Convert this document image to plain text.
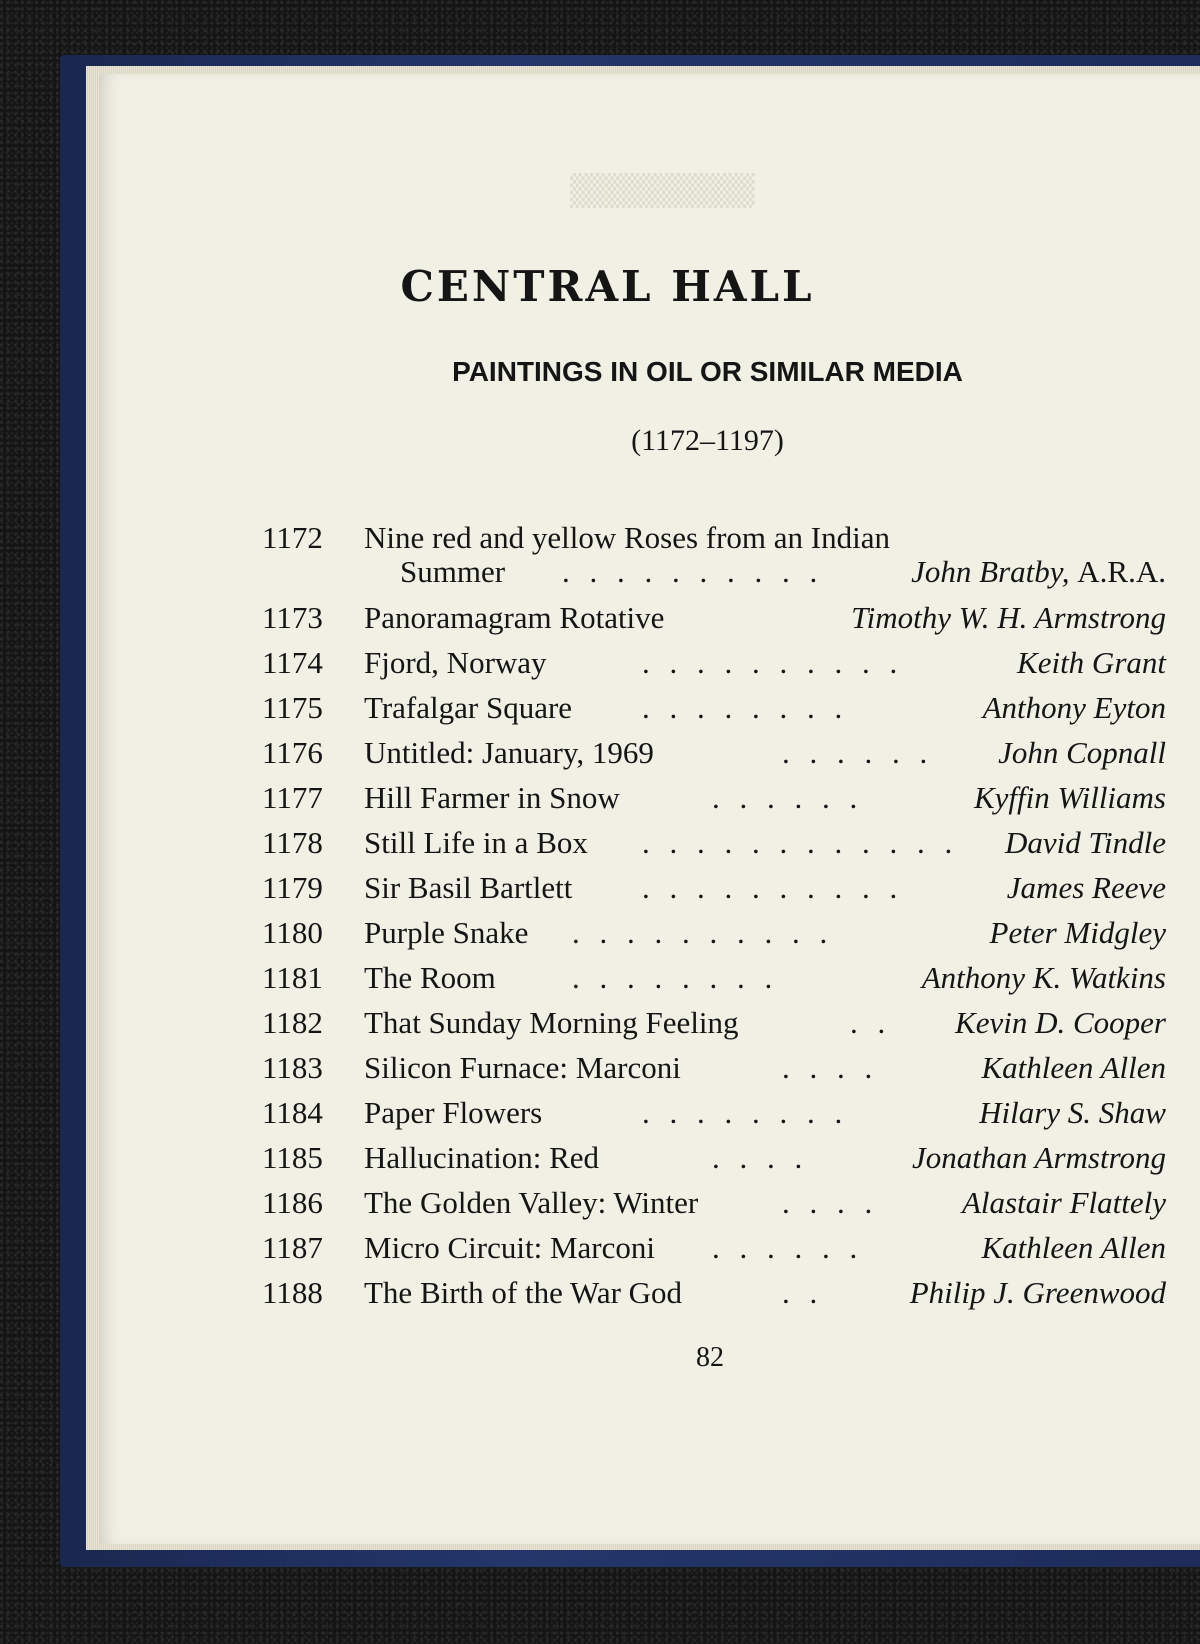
▒▒▒▒▒▒▒▒
CENTRAL HALL
PAINTINGS IN OIL OR SIMILAR MEDIA

(1172–1197)

1172 Nine red and yellow Roses from an Indian
Summer . . . . . . . . . .	John Bratby, A.R.A.
1173 Panoramagram Rotative	Timothy W. H. Armstrong
1174 Fjord, Norway	. . . . . . . . . .	Keith Grant
1175 Trafalgar Square . . . . . . . .	Anthony Eyton
1176 Untitled: January, 1969	. . . . . . John Copnall
1177 Hill Farmer in Snow	. . . . . .	Kyffin Williams
1178 Still Life in a Box . . . . . . . . . . . . David Tindle
1179 Sir Basil Bartlett . . . . . . . . . .	James Reeve
1180 Purple Snake . . . . . . . . . .	Peter Midgley
1181 The Room . . . . . . . .	Anthony K. Watkins
1182 That Sunday Morning Feeling	. . Kevin D. Cooper
1183 Silicon Furnace: Marconi	. . . .	Kathleen Allen
1184 Paper Flowers	. . . . . . . .	Hilary S. Shaw
1185 Hallucination: Red	. . . .	Jonathan Armstrong
1186 The Golden Valley: Winter	. . . .	Alastair Flattely
1187 Micro Circuit: Marconi . . . . . .	Kathleen Allen
1188 The Birth of the War God	. .	Philip J. Greenwood
82
